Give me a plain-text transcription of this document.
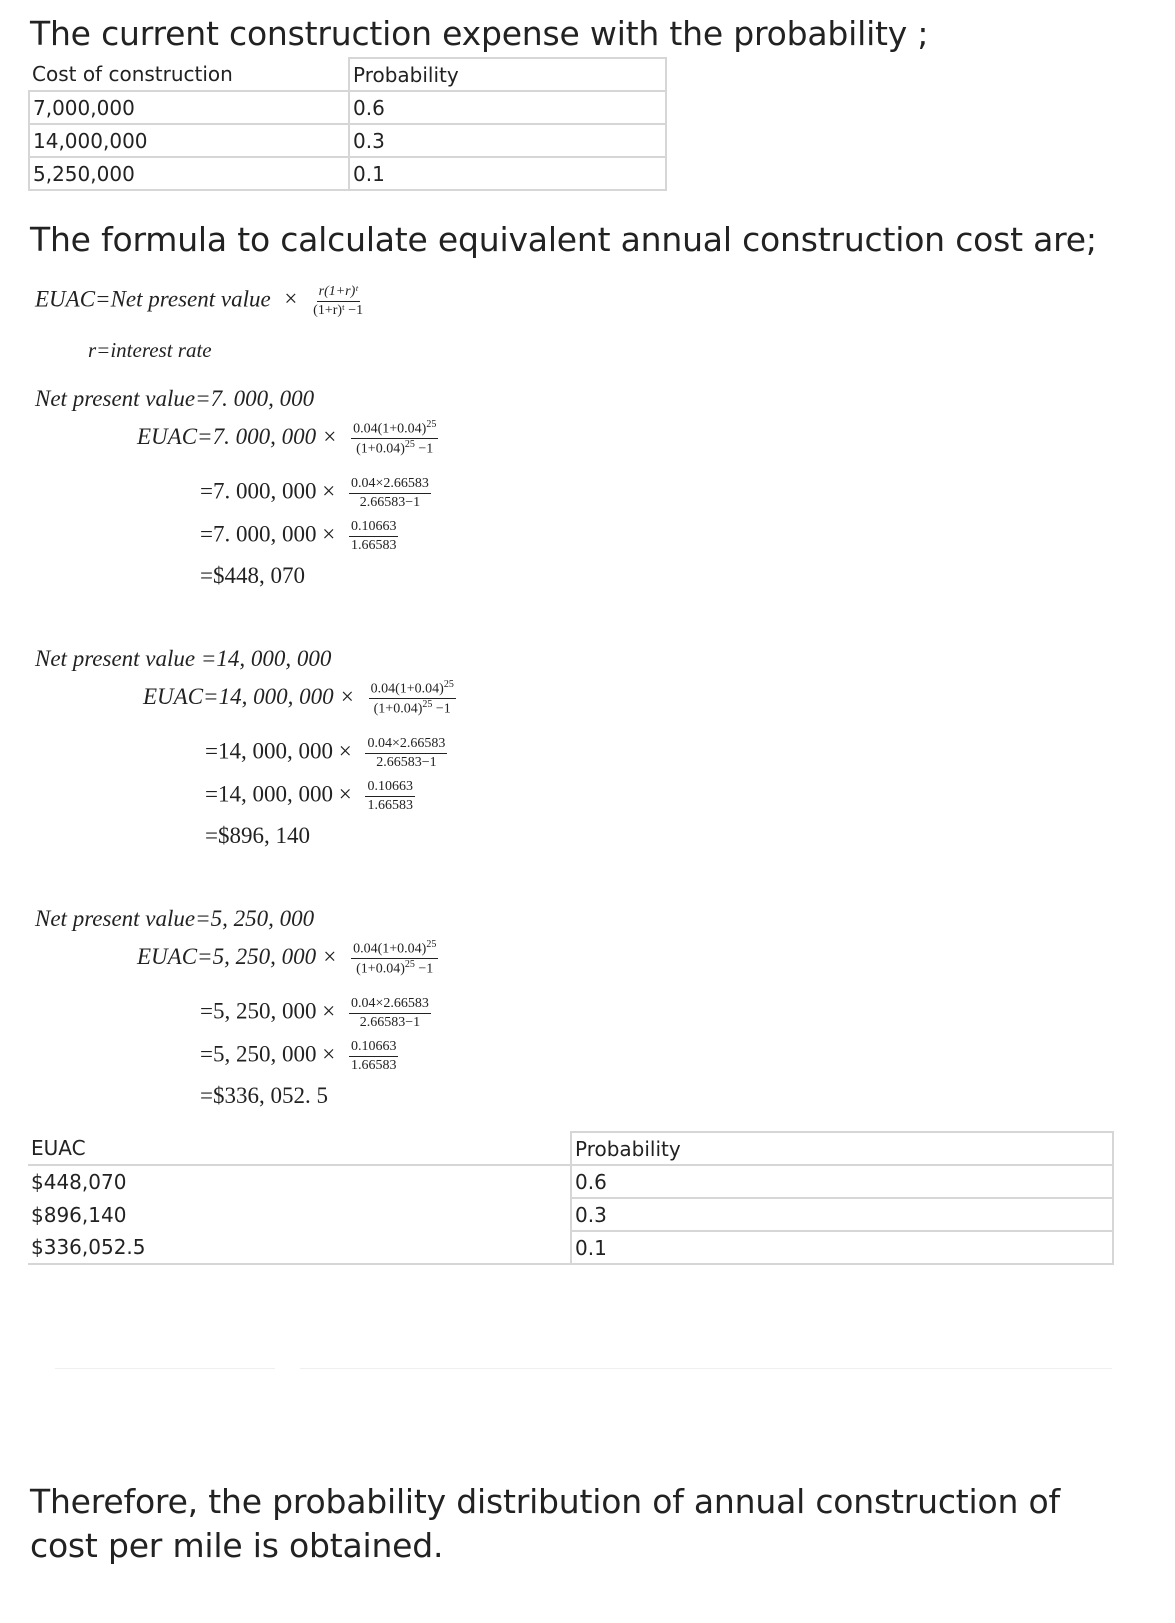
The current construction expense with the probability ;
Cost of construction	Probability
7,000,000	0.6
14,000,000	0.3
5,250,000	0.1
The formula to calculate equivalent annual construction cost are;
EUAC=Net present value × $\frac{\text{r(1+r)ᵗ}}{\text{(1+r)ᵗ −1}}$
r=interest rate
Net present value=7. 000, 000
EUAC=7. 000, $000 \times \frac{0.04(1+0.04)^{25}}{(1+0.04)^{25} -1}$
=7. 000, $000 \times \frac{0.04\times 2.66583}{2.66583-1}$
=7. 000, $000 \times \frac{0.10663}{1.66583}$
=$448, 070
Net present value =14, 000, 000
EUAC=14, 000, $000 \times \frac{0.04(1+0.04)^{25}}{(1+0.04)^{25} -1}$
=14, 000, $000 \times \frac{0.04\times 2.66583}{2.66583-1}$
=14, 000, $000 \times \frac{0.10663}{1.66583}$
=$896, 140
Net present value=5, 250, 000
EUAC=5, 250, $000 \times \frac{0.04(1+0.04)^{25}}{(1+0.04)^{25} -1}$
=5, 250, $000 \times \frac{0.04\times 2.66583}{2.66583-1}$
=5, 250, $000 \times \frac{0.10663}{1.66583}$
=$336, 052. 5
EUAC	Probability
$448,070	0.6
$896,140	0.3
$336,052.5	0.1
Therefore, the probability distribution of annual construction of cost per mile is obtained.
